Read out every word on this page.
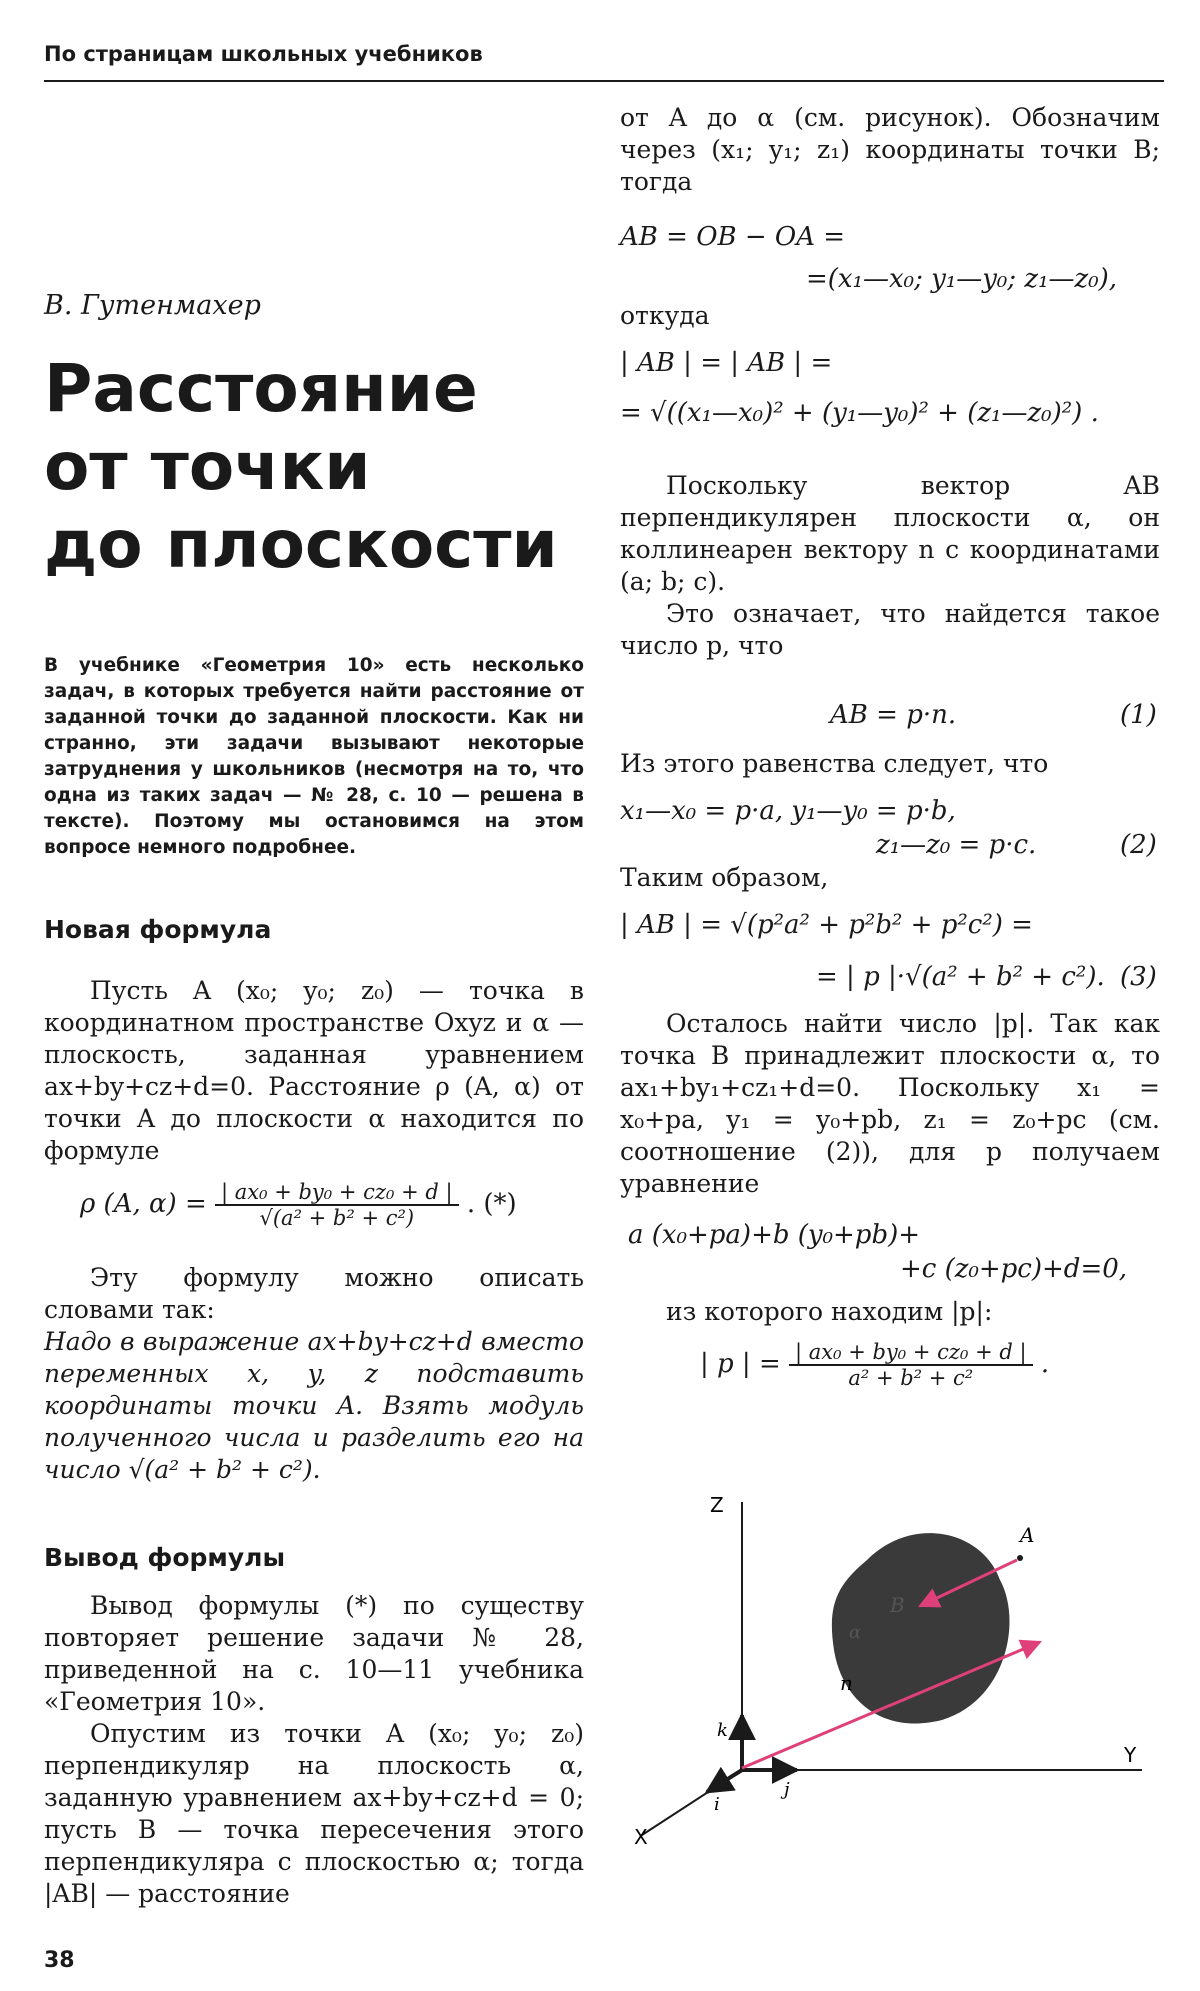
По страницам школьных учебников
В. Гутенмахер
Расстояние
от точки
до плоскости
В учебнике «Геометрия 10» есть несколько задач, в которых требуется найти расстояние от заданной точки до заданной плоскости. Как ни странно, эти задачи вызывают некоторые затруднения у школьников (несмотря на то, что одна из таких задач — № 28, с. 10 — решена в тексте). Поэтому мы остановимся на этом вопросе немного подробнее.
Новая формула

Пусть A (x₀; y₀; z₀) — точка в координатном пространстве Oxyz и α — плоскость, заданная уравнением ax+by+cz+d=0. Расстояние ρ (A, α) от точки A до плоскости α находится по формуле

ρ (A, $\alpha) = \frac{\text{| ax₀ + by₀ + cz₀ + d |}}{\text{√(a² + b² + c²)}}$ . (*)

Эту формулу можно описать словами так:

Надо в выражение ax+by+cz+d вместо переменных x, y, z подставить координаты точки A. Взять модуль полученного числа и разделить его на число √(a² + b² + c²).

Вывод формулы

Вывод формулы (*) по существу повторяет решение задачи № 28, приведенной на с. 10—11 учебника «Геометрия 10».

Опустим из точки A (x₀; y₀; z₀) перпендикуляр на плоскость α, заданную уравнением ax+by+cz+d = 0; пусть B — точка пересечения этого перпендикуляра с плоскостью α; тогда |AB| — расстояние

от A до α (см. рисунок). Обозначим через (x₁; y₁; z₁) координаты точки B; тогда

AB = OB − OA =
=(x₁—x₀; y₁—y₀; z₁—z₀),

откуда

| AB | = | AB | =
= √((x₁—x₀)² + (y₁—y₀)² + (z₁—z₀)²) .

Поскольку вектор AB перпендикулярен плоскости α, он коллинеарен вектору n с координатами (a; b; c).

Это означает, что найдется такое число p, что

AB = p·n.	(1)

Из этого равенства следует, что

x₁—x₀ = p·a, y₁—y₀ = p·b,
z₁—z₀ = p·c.	(2)

Таким образом,

| AB | = √(p²a² + p²b² + p²c²) =
= | p |·√(a² + b² + c²). (3)

Осталось найти число |p|. Так как точка B принадлежит плоскости α, то ax₁+by₁+cz₁+d=0. Поскольку x₁ = x₀+pa, y₁ = y₀+pb, z₁ = z₀+pc (см. соотношение (2)), для p получаем уравнение

a (x₀+pa)+b (y₀+pb)+
+c (z₀+pc)+d=0,

из которого находим |p|:

| p | = $\frac{\text{| ax₀ + by₀ + cz₀ + d |}}{\text{a² + b² + c²}}$ .
Z
Y
X
A
B
α
n
k
j
i
38
